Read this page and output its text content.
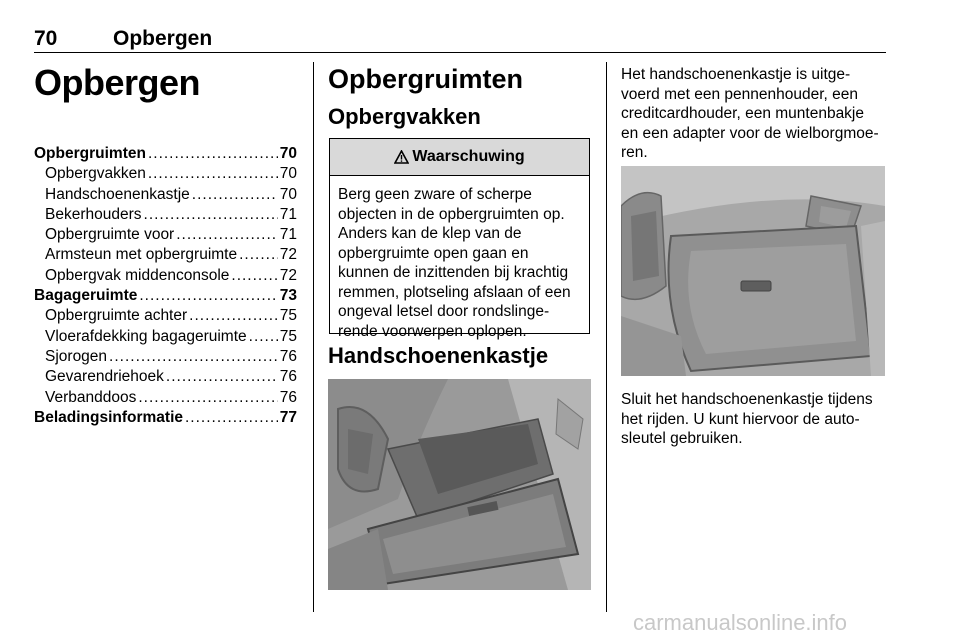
70	Opbergen
Opbergen
Opbergruimten .....	70
Opbergvakken .....	70
Handschoenenkastje .....	70
Bekerhouders .....	71
Opbergruimte voor .....	71
Armsteun met opbergruimte .....	72
Opbergvak middenconsole .....	72
Bagageruimte .....	73
Opbergruimte achter .....	75
Vloerafdekking bagageruimte ..... 75
Sjorogen .....	76
Gevarendriehoek .....	76
Verbanddoos .....	76
Beladingsinformatie .....	77
Opbergruimten
Opbergvakken
Waarschuwing
Berg geen zware of scherpe
objecten in de opbergruimten op.
Anders kan de klep van de
opbergruimte open gaan en
kunnen de inzittenden bij krachtig
remmen, plotseling afslaan of een
ongeval letsel door rondslinge-
rende voorwerpen oplopen.
Handschoenenkastje
Het handschoenenkastje is uitge-
voerd met een pennenhouder, een
creditcardhouder, een muntenbakje
en een adapter voor de wielborgmoe-
ren.
Sluit het handschoenenkastje tijdens
het rijden. U kunt hiervoor de auto-
sleutel gebruiken.
carmanualsonline.info
